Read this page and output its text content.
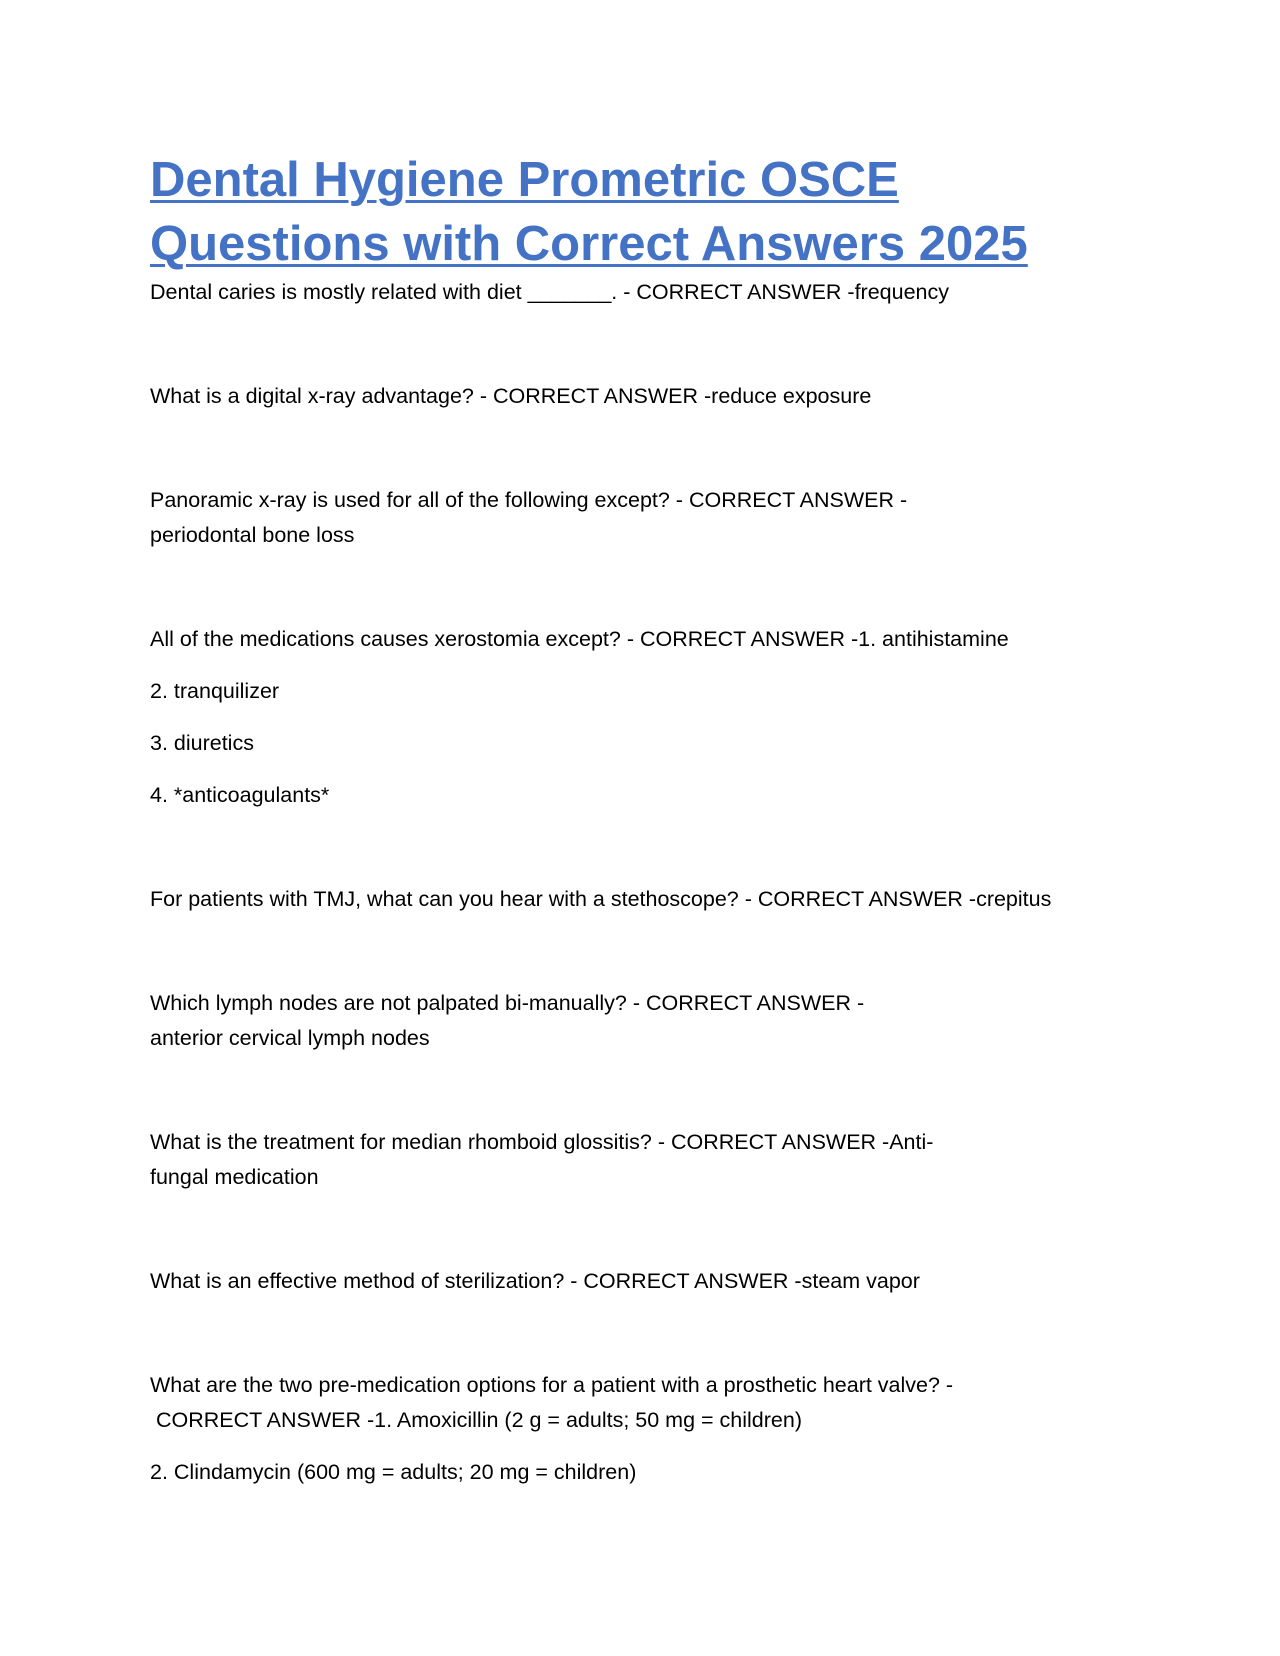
Dental Hygiene Prometric OSCE
Questions with Correct Answers 2025

Dental caries is mostly related with diet _______. - CORRECT ANSWER -frequency

What is a digital x-ray advantage? - CORRECT ANSWER -reduce exposure

Panoramic x-ray is used for all of the following except? - CORRECT ANSWER -

periodontal bone loss

All of the medications causes xerostomia except? - CORRECT ANSWER -1. antihistamine

2. tranquilizer

3. diuretics

4. *anticoagulants*

For patients with TMJ, what can you hear with a stethoscope? - CORRECT ANSWER -crepitus

Which lymph nodes are not palpated bi-manually? - CORRECT ANSWER -

anterior cervical lymph nodes

What is the treatment for median rhomboid glossitis? - CORRECT ANSWER -Anti-

fungal medication

What is an effective method of sterilization? - CORRECT ANSWER -steam vapor

What are the two pre-medication options for a patient with a prosthetic heart valve? -

CORRECT ANSWER -1. Amoxicillin (2 g = adults; 50 mg = children)

2. Clindamycin (600 mg = adults; 20 mg = children)
